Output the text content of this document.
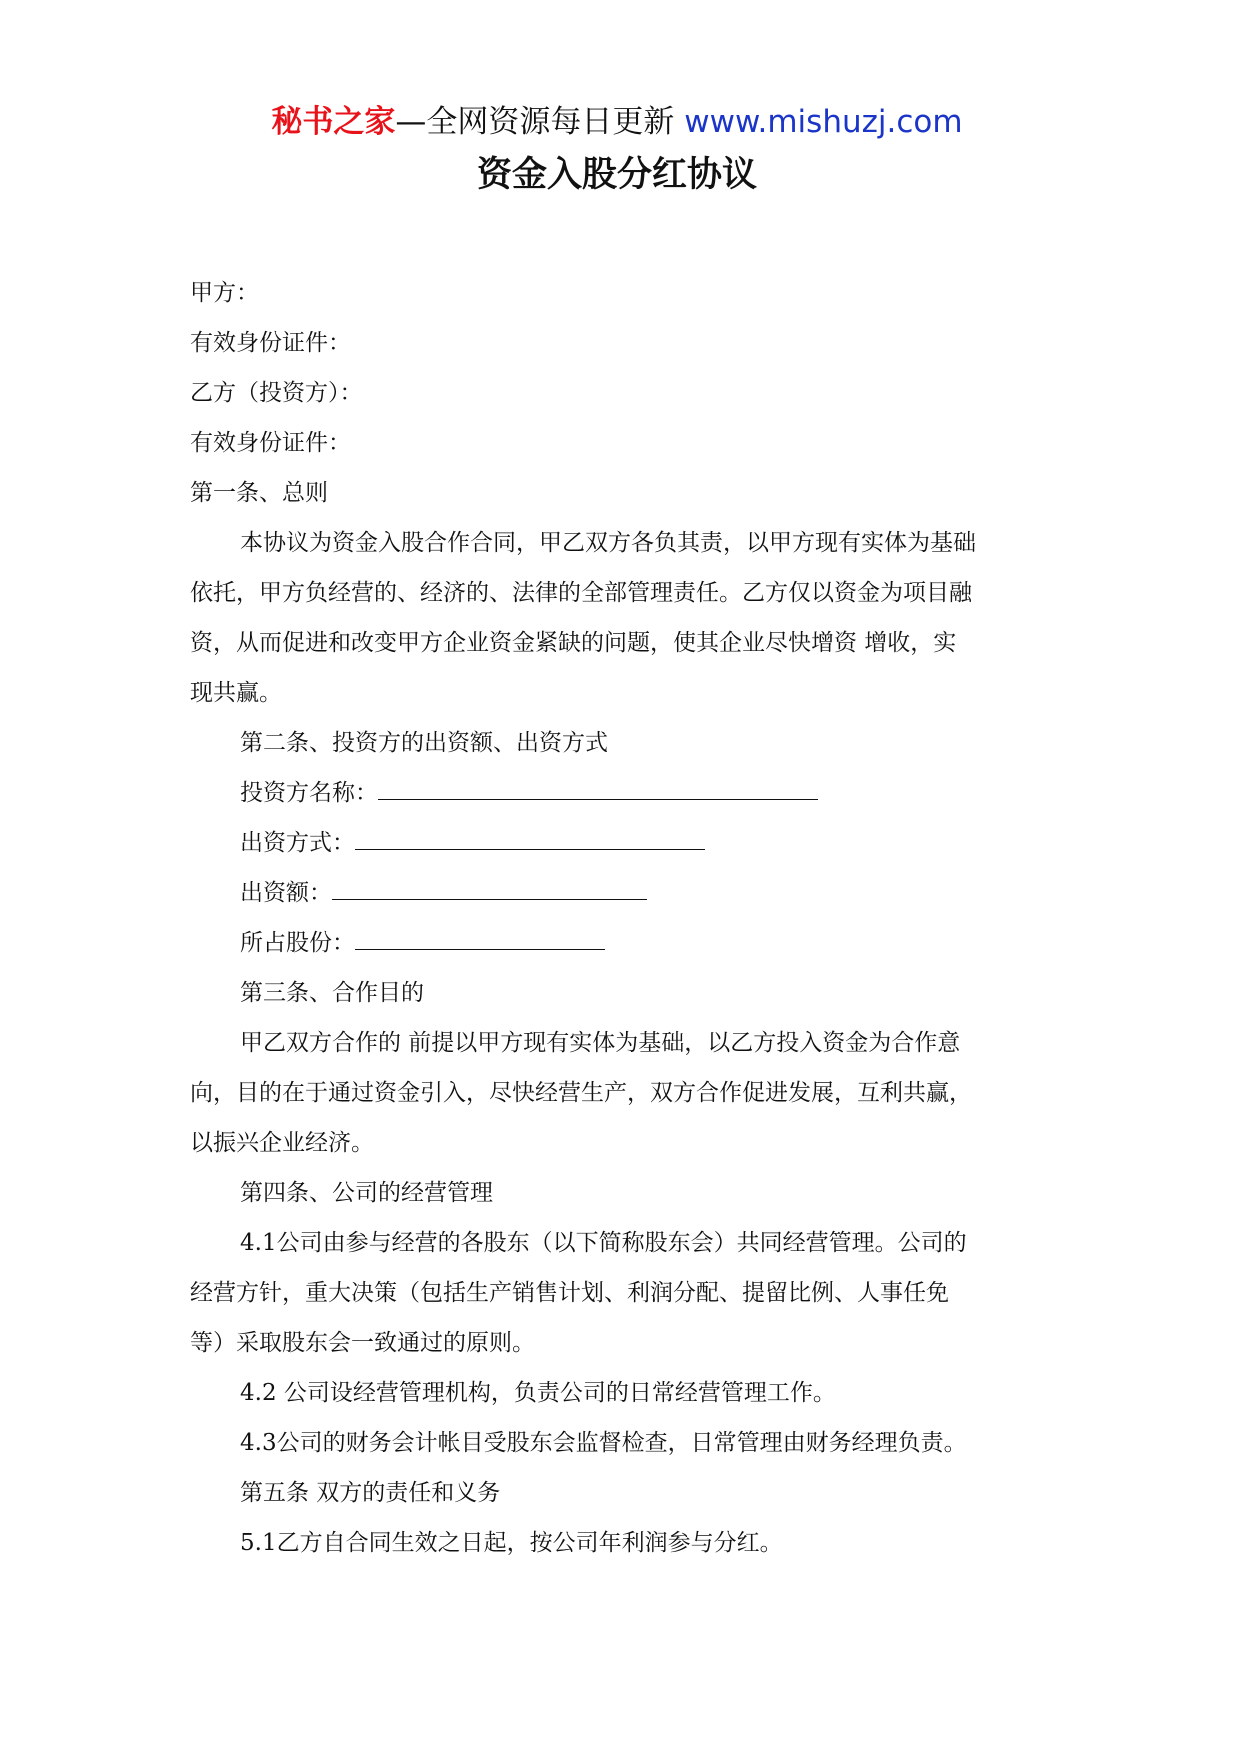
秘书之家—全网资源每日更新 www.mishuzj.com
资金入股分红协议

甲方：

有效身份证件：

乙方（投资方）：

有效身份证件：

第一条、总则

本协议为资金入股合作合同，甲乙双方各负其责，以甲方现有实体为基础

依托，甲方负经营的、经济的、法律的全部管理责任。乙方仅以资金为项目融

资，从而促进和改变甲方企业资金紧缺的问题，使其企业尽快增资 增收，实

现共赢。

第二条、投资方的出资额、出资方式

投资方名称：

出资方式：

出资额：

所占股份：

第三条、合作目的

甲乙双方合作的 前提以甲方现有实体为基础，以乙方投入资金为合作意

向，目的在于通过资金引入，尽快经营生产，双方合作促进发展，互利共赢，

以振兴企业经济。

第四条、公司的经营管理

4.1公司由参与经营的各股东（以下简称股东会）共同经营管理。公司的

经营方针，重大决策（包括生产销售计划、利润分配、提留比例、人事任免

等）采取股东会一致通过的原则。

4.2 公司设经营管理机构，负责公司的日常经营管理工作。

4.3公司的财务会计帐目受股东会监督检查，日常管理由财务经理负责。

第五条 双方的责任和义务

5.1乙方自合同生效之日起，按公司年利润参与分红。
